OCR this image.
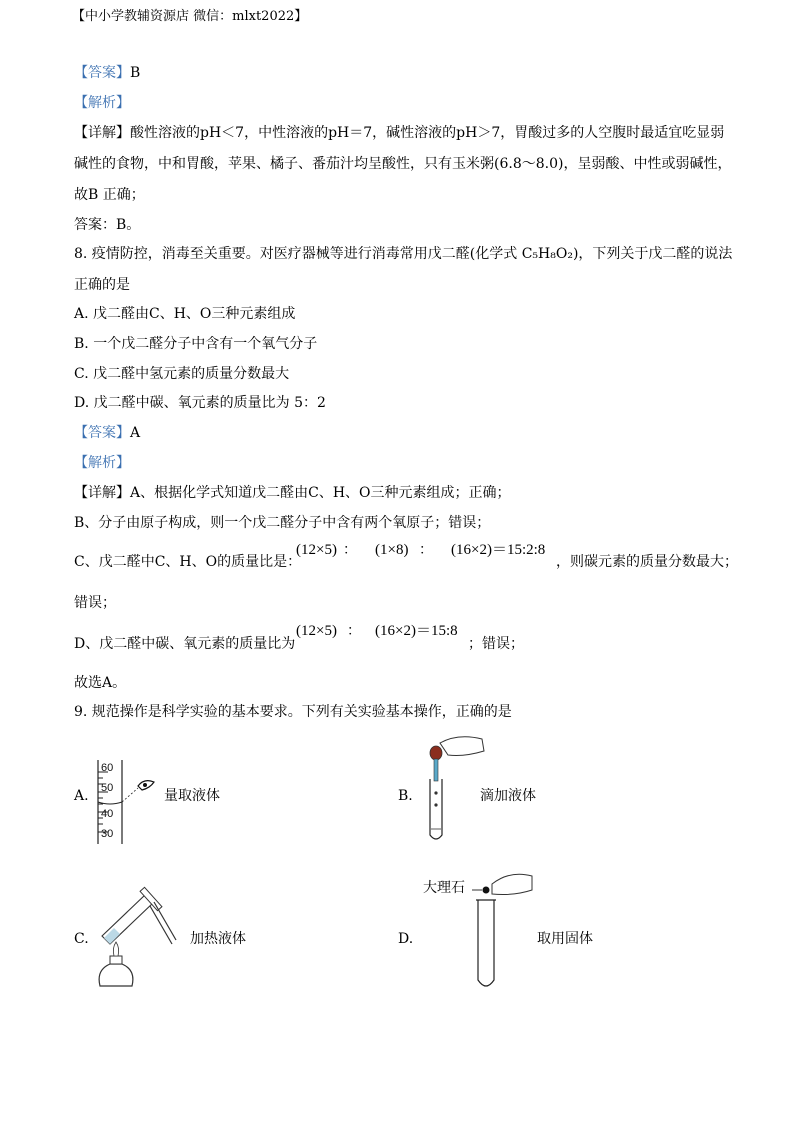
【中小学教辅资源店 微信：mlxt2022】
【答案】B
【解析】
【详解】酸性溶液的pH＜7，中性溶液的pH＝7，碱性溶液的pH＞7，胃酸过多的人空腹时最适宜吃显弱
碱性的食物，中和胃酸，苹果、橘子、番茄汁均呈酸性，只有玉米粥(6.8～8.0)，呈弱酸、中性或弱碱性，
故B 正确；
答案：B。
8. 疫情防控，消毒至关重要。对医疗器械等进行消毒常用戊二醛(化学式 C₅H₈O₂)，下列关于戊二醛的说法
正确的是
A. 戊二醛由C、H、O三种元素组成
B. 一个戊二醛分子中含有一个氧气分子
C. 戊二醛中氢元素的质量分数最大
D. 戊二醛中碳、氧元素的质量比为 5：2
【答案】A
【解析】
【详解】A、根据化学式知道戊二醛由C、H、O三种元素组成；正确；
B、分子由原子构成，则一个戊二醛分子中含有两个氧原子；错误；
C、戊二醛中C、H、O的质量比是：
(12×5) ： (1×8) ： (16×2)＝15:2:8
，则碳元素的质量分数最大；
错误；
D、戊二醛中碳、氧元素的质量比为
(12×5) ： (16×2)＝15:8
；错误；
故选A。
9. 规范操作是科学实验的基本要求。下列有关实验基本操作，正确的是
A.
60
50
40
30
量取液体	B.	滴加液体
C.	加热液体	D.
大理石
取用固体
